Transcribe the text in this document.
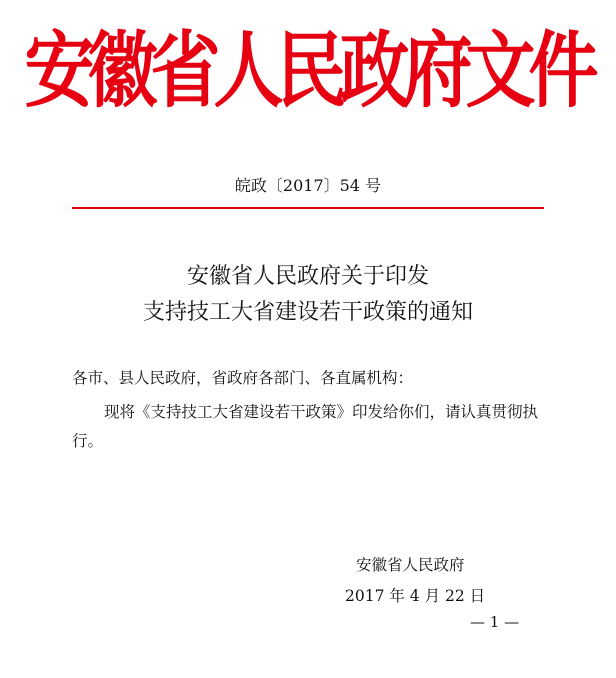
安徽省人民政府文件
皖政〔2017〕54 号
安徽省人民政府关于印发
支持技工大省建设若干政策的通知
各市、县人民政府，省政府各部门、各直属机构：
现将《支持技工大省建设若干政策》印发给你们，请认真贯彻执行。
安徽省人民政府
2017 年 4 月 22 日
— 1 —
